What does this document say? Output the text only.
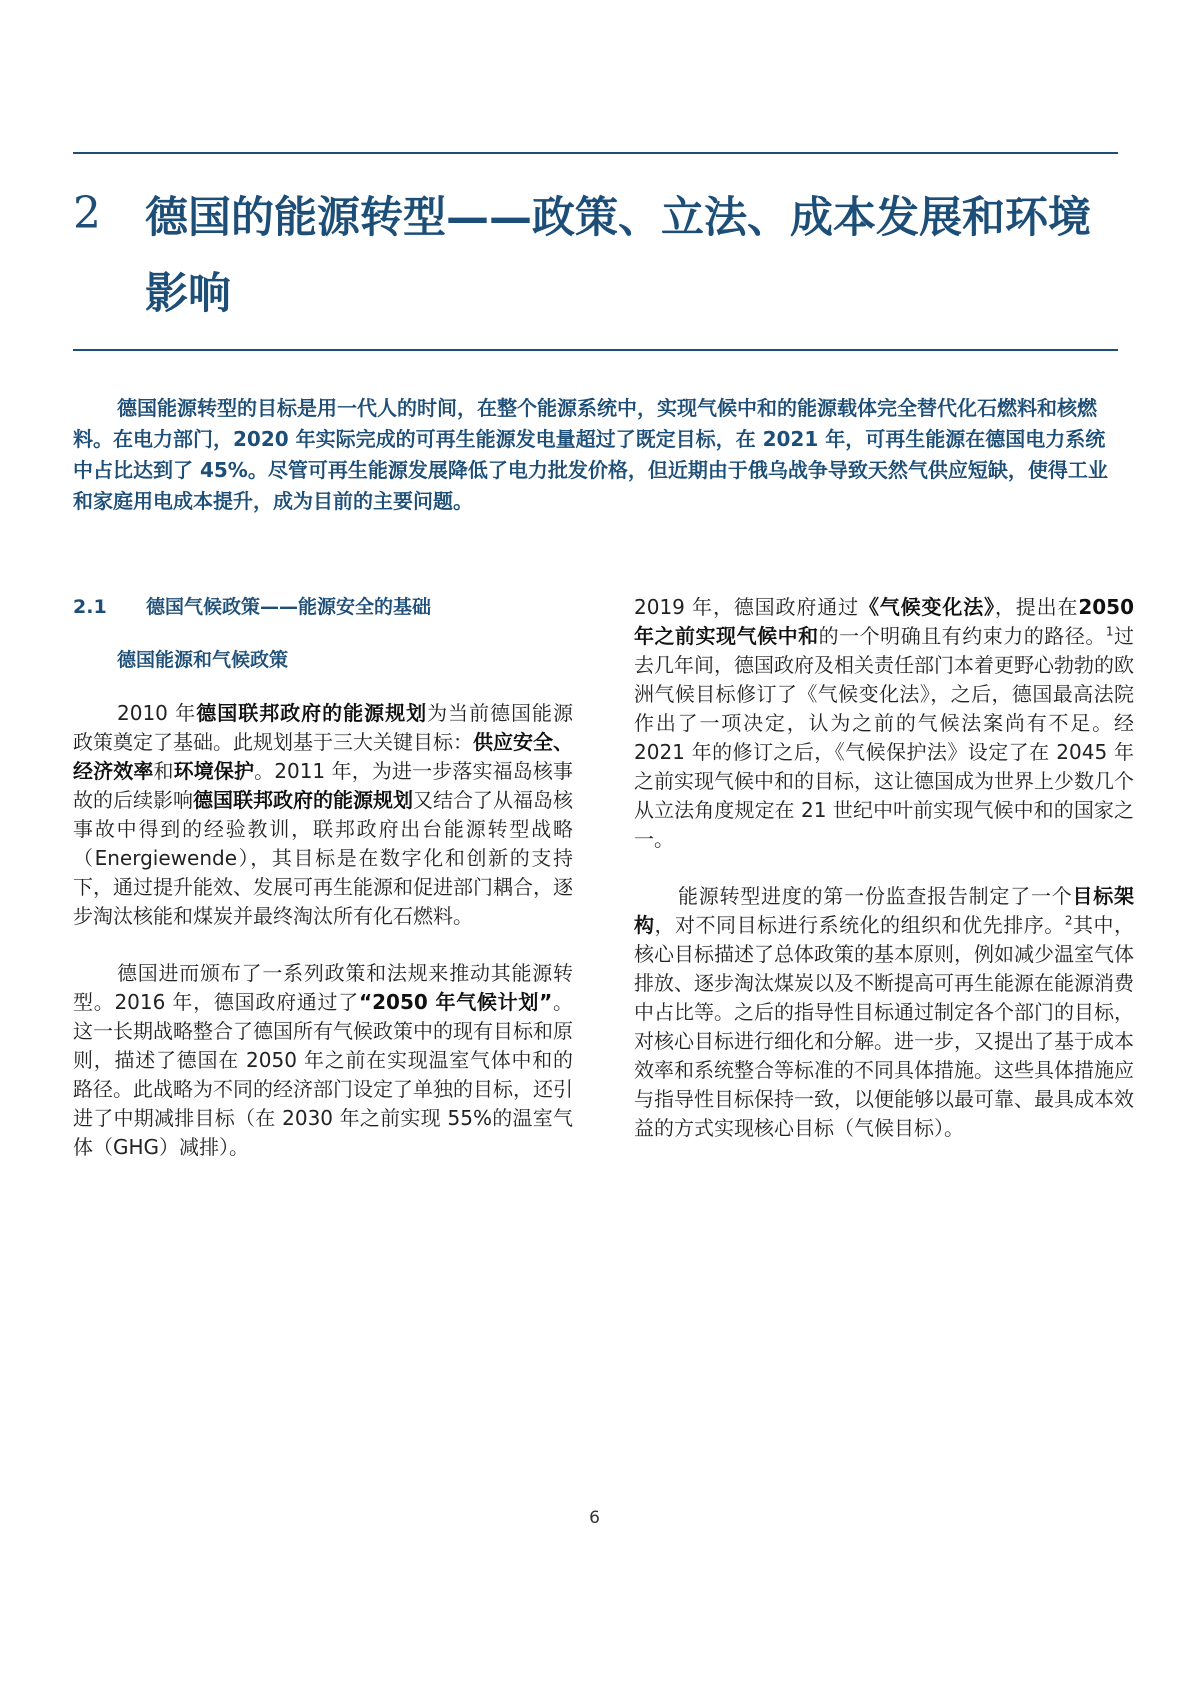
2 德国的能源转型——政策、立法、成本发展和环境影响

德国能源转型的目标是用一代人的时间，在整个能源系统中，实现气候中和的能源载体完全替代化石燃料和核燃料。在电力部门，2020 年实际完成的可再生能源发电量超过了既定目标，在 2021 年，可再生能源在德国电力系统中占比达到了 45%。尽管可再生能源发展降低了电力批发价格，但近期由于俄乌战争导致天然气供应短缺，使得工业和家庭用电成本提升，成为目前的主要问题。

2.1 德国气候政策——能源安全的基础
德国能源和气候政策

2010 年德国联邦政府的能源规划为当前德国能源政策奠定了基础。此规划基于三大关键目标：供应安全、经济效率和环境保护。2011 年，为进一步落实福岛核事故的后续影响德国联邦政府的能源规划又结合了从福岛核事故中得到的经验教训，联邦政府出台能源转型战略（Energiewende），其目标是在数字化和创新的支持下，通过提升能效、发展可再生能源和促进部门耦合，逐步淘汰核能和煤炭并最终淘汰所有化石燃料。

德国进而颁布了一系列政策和法规来推动其能源转型。2016 年，德国政府通过了“2050 年气候计划”。这一长期战略整合了德国所有气候政策中的现有目标和原则，描述了德国在 2050 年之前在实现温室气体中和的路径。此战略为不同的经济部门设定了单独的目标，还引进了中期减排目标（在 2030 年之前实现 55%的温室气体（GHG）减排）。

2019 年，德国政府通过《气候变化法》，提出在2050 年之前实现气候中和的一个明确且有约束力的路径。$^1$过去几年间，德国政府及相关责任部门本着更野心勃勃的欧洲气候目标修订了《气候变化法》，之后，德国最高法院作出了一项决定，认为之前的气候法案尚有不足。经 2021 年的修订之后，《气候保护法》设定了在 2045 年之前实现气候中和的目标，这让德国成为世界上少数几个从立法角度规定在 21 世纪中叶前实现气候中和的国家之一。

能源转型进度的第一份监查报告制定了一个目标架构，对不同目标进行系统化的组织和优先排序。$^2$其中，核心目标描述了总体政策的基本原则，例如减少温室气体排放、逐步淘汰煤炭以及不断提高可再生能源在能源消费中占比等。之后的指导性目标通过制定各个部门的目标，对核心目标进行细化和分解。进一步，又提出了基于成本效率和系统整合等标准的不同具体措施。这些具体措施应与指导性目标保持一致，以便能够以最可靠、最具成本效益的方式实现核心目标（气候目标）。

6
